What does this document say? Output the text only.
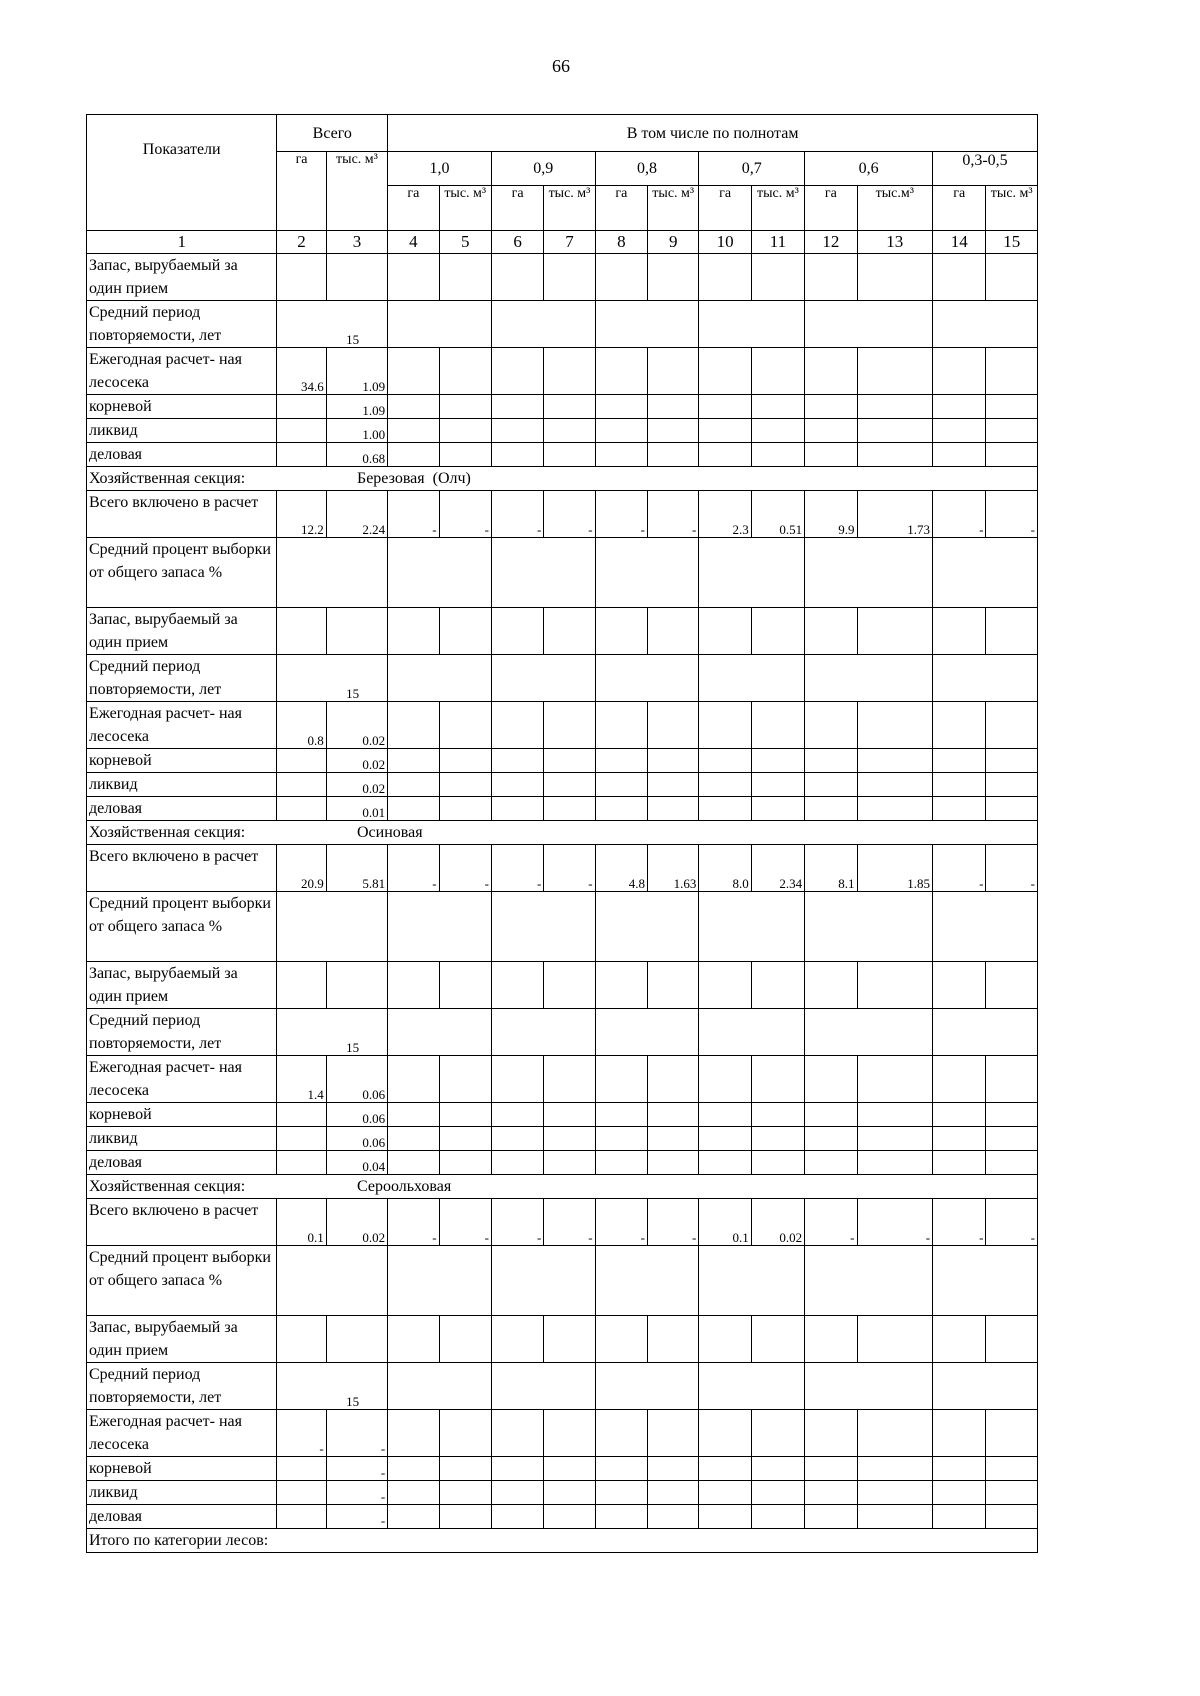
66
Показатели	Всего		В том числе по полнотам											
	га	тыс. м³	1,0		0,9		0,8		0,7		0,6		0,3-0,5	
			га	тыс. м³	га	тыс. м³	га	тыс. м³	га	тыс. м³	га	тыс.м³	га	тыс. м³
1	2	3	4	5	6	7	8	9	10	11	12	13	14	15
Запас, вырубаемый за один прием														
Средний период повторяемости, лет	15													

Ежегодная расчет- ная лесосека	34.6	1.09												
корневой		1.09												
ликвид		1.00												
деловая		0.68												
Хозяйственная секция: Березовая  (Олч)														
Всего включено в расчет	12.2	2.24	-	-	-	-	-	-	2.3	0.51	9.9	1.73	-	-
Средний процент выборки от общего запаса %														
Запас, вырубаемый за один прием														
Средний период повторяемости, лет	15													

Ежегодная расчет- ная лесосека	0.8	0.02												
корневой		0.02												
ликвид		0.02												
деловая		0.01												
Хозяйственная секция: Осиновая														
Всего включено в расчет	20.9	5.81	-	-	-	-	4.8	1.63	8.0	2.34	8.1	1.85	-	-
Средний процент выборки от общего запаса %														
Запас, вырубаемый за один прием														
Средний период повторяемости, лет	15													

Ежегодная расчет- ная лесосека	1.4	0.06												
корневой		0.06												
ликвид		0.06												
деловая		0.04												
Хозяйственная секция: Сероольховая														
Всего включено в расчет	0.1	0.02	-	-	-	-	-	-	0.1	0.02	-	-	-	-
Средний процент выборки от общего запаса %														
Запас, вырубаемый за один прием														
Средний период повторяемости, лет	15													

Ежегодная расчет- ная лесосека	-	-												
корневой		-												
ликвид		-												
деловая		-												
Итого по категории лесов:														
